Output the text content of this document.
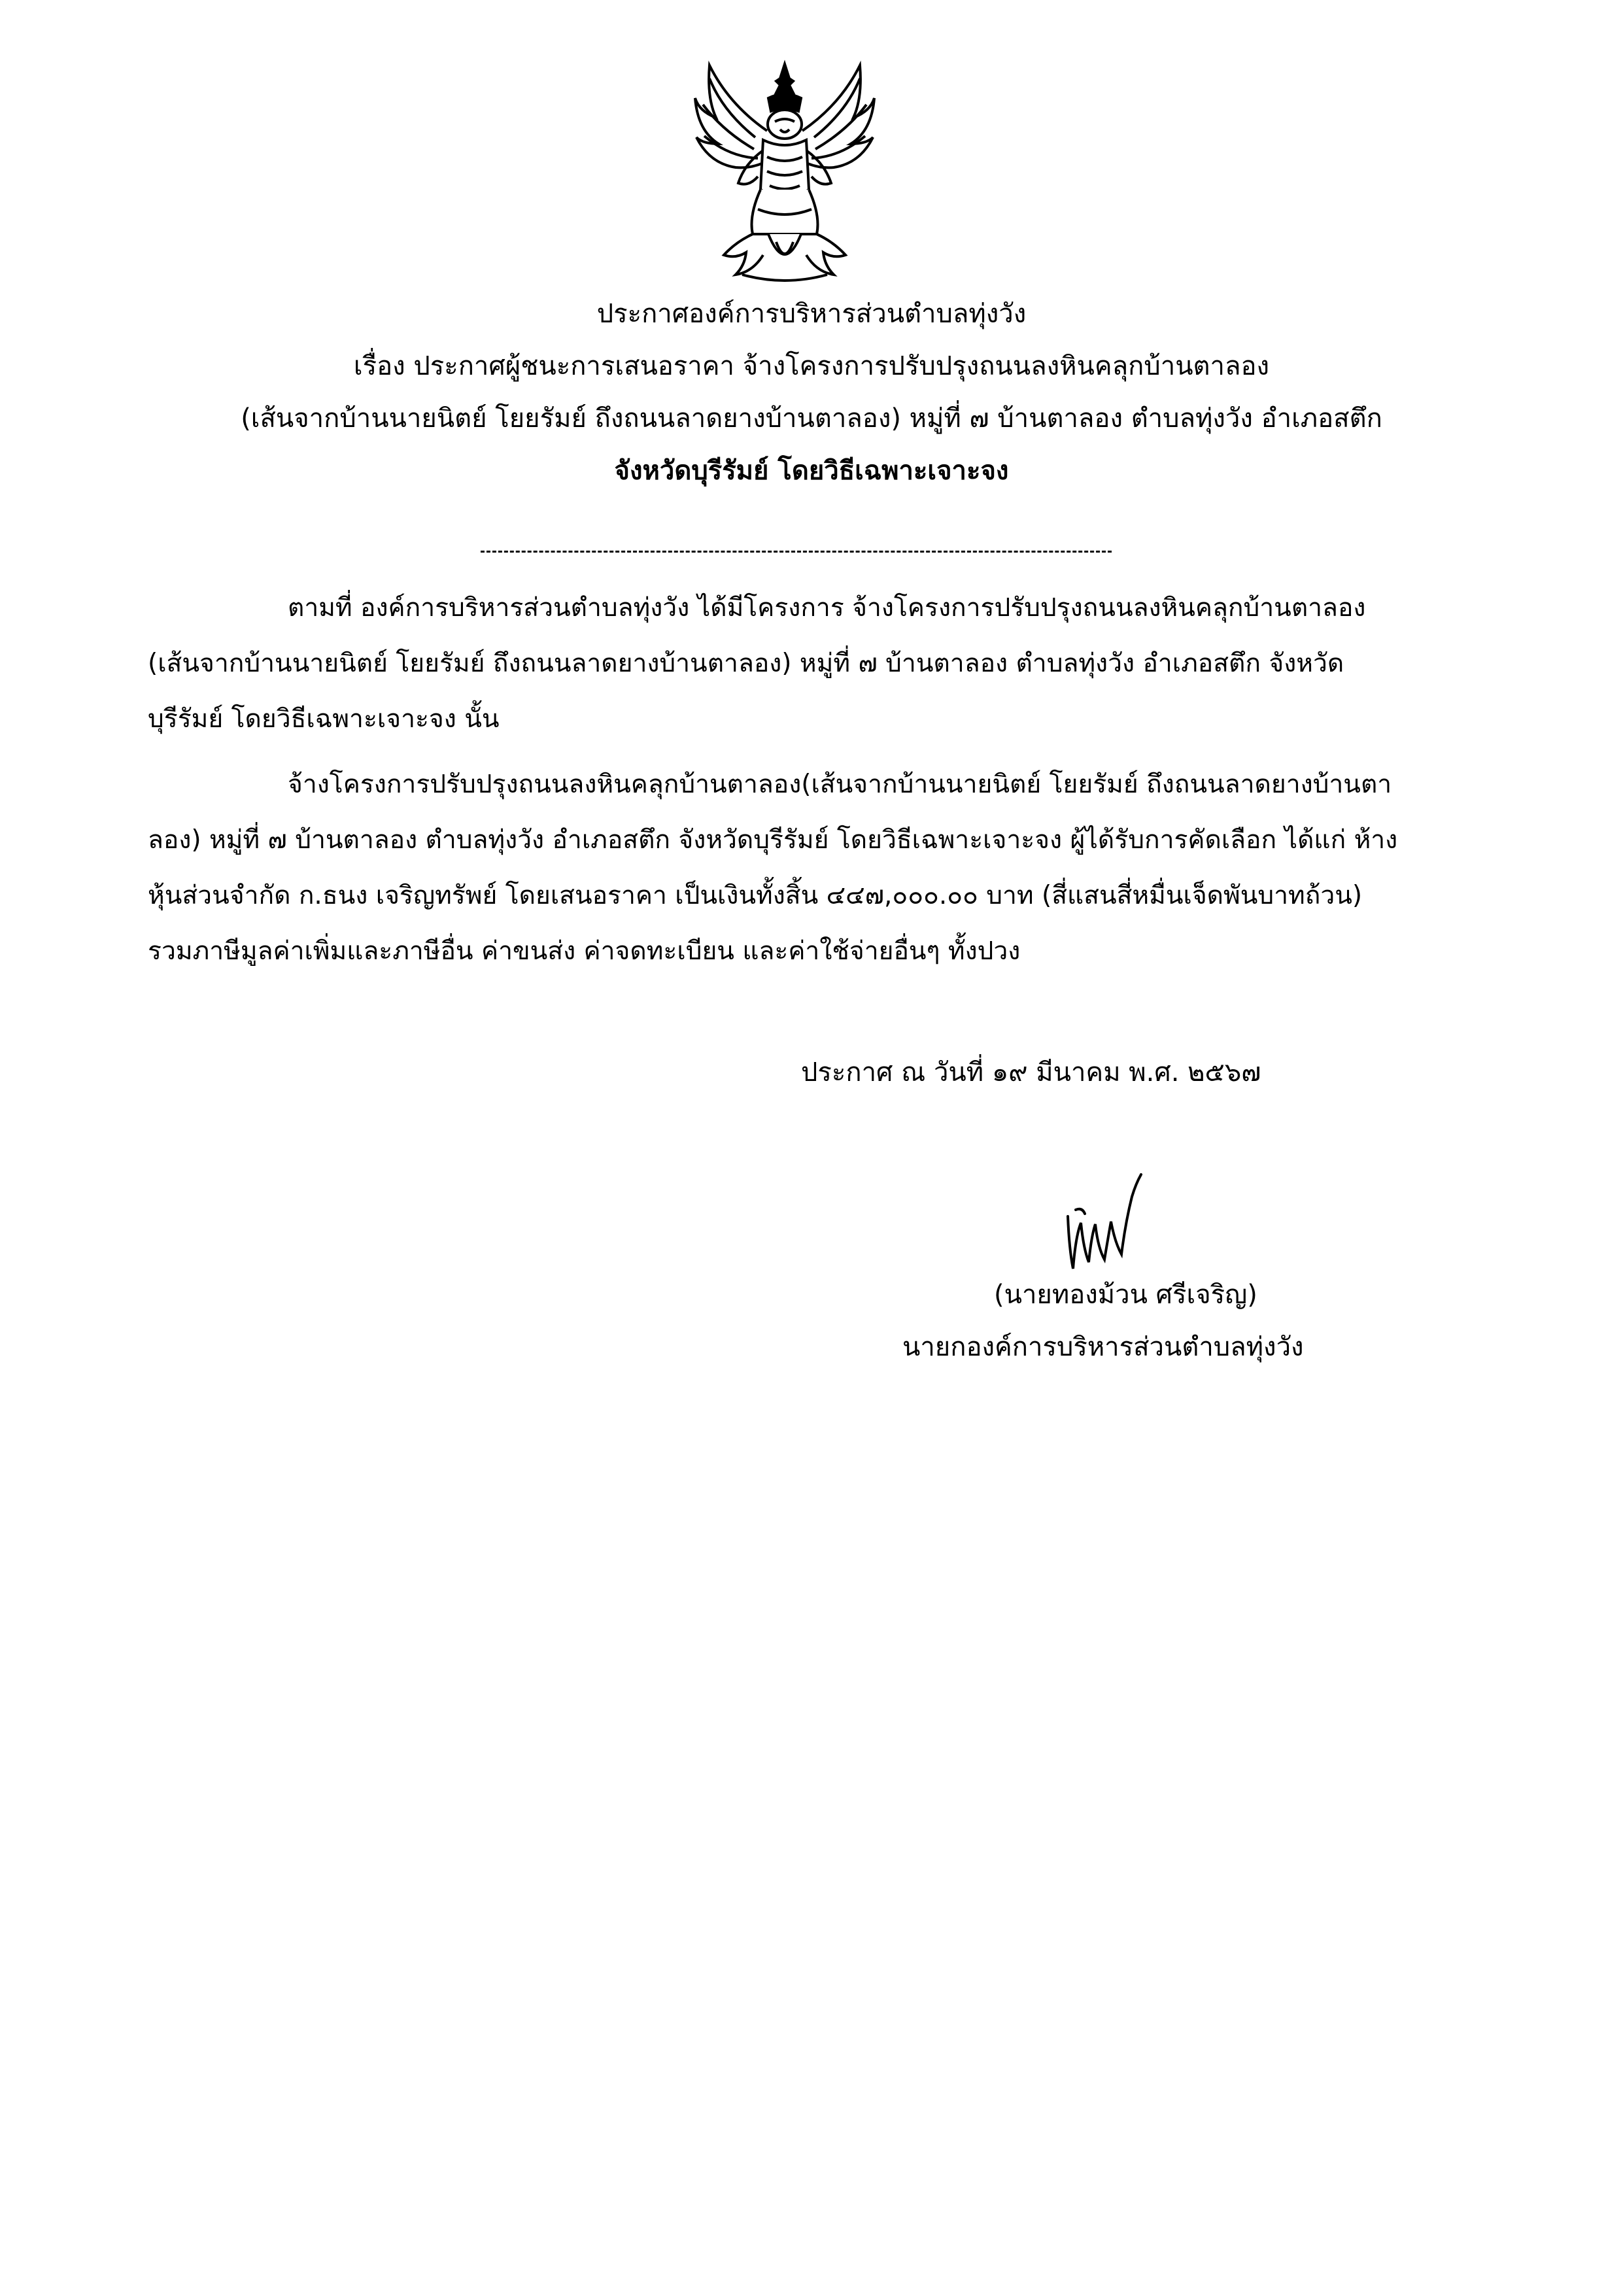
ประกาศองค์การบริหารส่วนตำบลทุ่งวัง
เรื่อง ประกาศผู้ชนะการเสนอราคา จ้างโครงการปรับปรุงถนนลงหินคลุกบ้านตาลอง
(เส้นจากบ้านนายนิตย์ โยยรัมย์ ถึงถนนลาดยางบ้านตาลอง) หมู่ที่ ๗ บ้านตาลอง ตำบลทุ่งวัง อำเภอสตึก
จังหวัดบุรีรัมย์ โดยวิธีเฉพาะเจาะจง
ตามที่ องค์การบริหารส่วนตำบลทุ่งวัง ได้มีโครงการ จ้างโครงการปรับปรุงถนนลงหินคลุกบ้านตาลอง
(เส้นจากบ้านนายนิตย์ โยยรัมย์ ถึงถนนลาดยางบ้านตาลอง) หมู่ที่ ๗ บ้านตาลอง ตำบลทุ่งวัง อำเภอสตึก จังหวัด
บุรีรัมย์ โดยวิธีเฉพาะเจาะจง นั้น
จ้างโครงการปรับปรุงถนนลงหินคลุกบ้านตาลอง(เส้นจากบ้านนายนิตย์ โยยรัมย์ ถึงถนนลาดยางบ้านตา
ลอง) หมู่ที่ ๗ บ้านตาลอง ตำบลทุ่งวัง อำเภอสตึก จังหวัดบุรีรัมย์ โดยวิธีเฉพาะเจาะจง ผู้ได้รับการคัดเลือก ได้แก่ ห้าง
หุ้นส่วนจำกัด ก.ธนง เจริญทรัพย์ โดยเสนอราคา เป็นเงินทั้งสิ้น ๔๔๗,๐๐๐.๐๐ บาท (สี่แสนสี่หมื่นเจ็ดพันบาทถ้วน)
รวมภาษีมูลค่าเพิ่มและภาษีอื่น ค่าขนส่ง ค่าจดทะเบียน และค่าใช้จ่ายอื่นๆ ทั้งปวง
ประกาศ ณ วันที่ ๑๙ มีนาคม พ.ศ. ๒๕๖๗
(นายทองม้วน ศรีเจริญ)
นายกองค์การบริหารส่วนตำบลทุ่งวัง
